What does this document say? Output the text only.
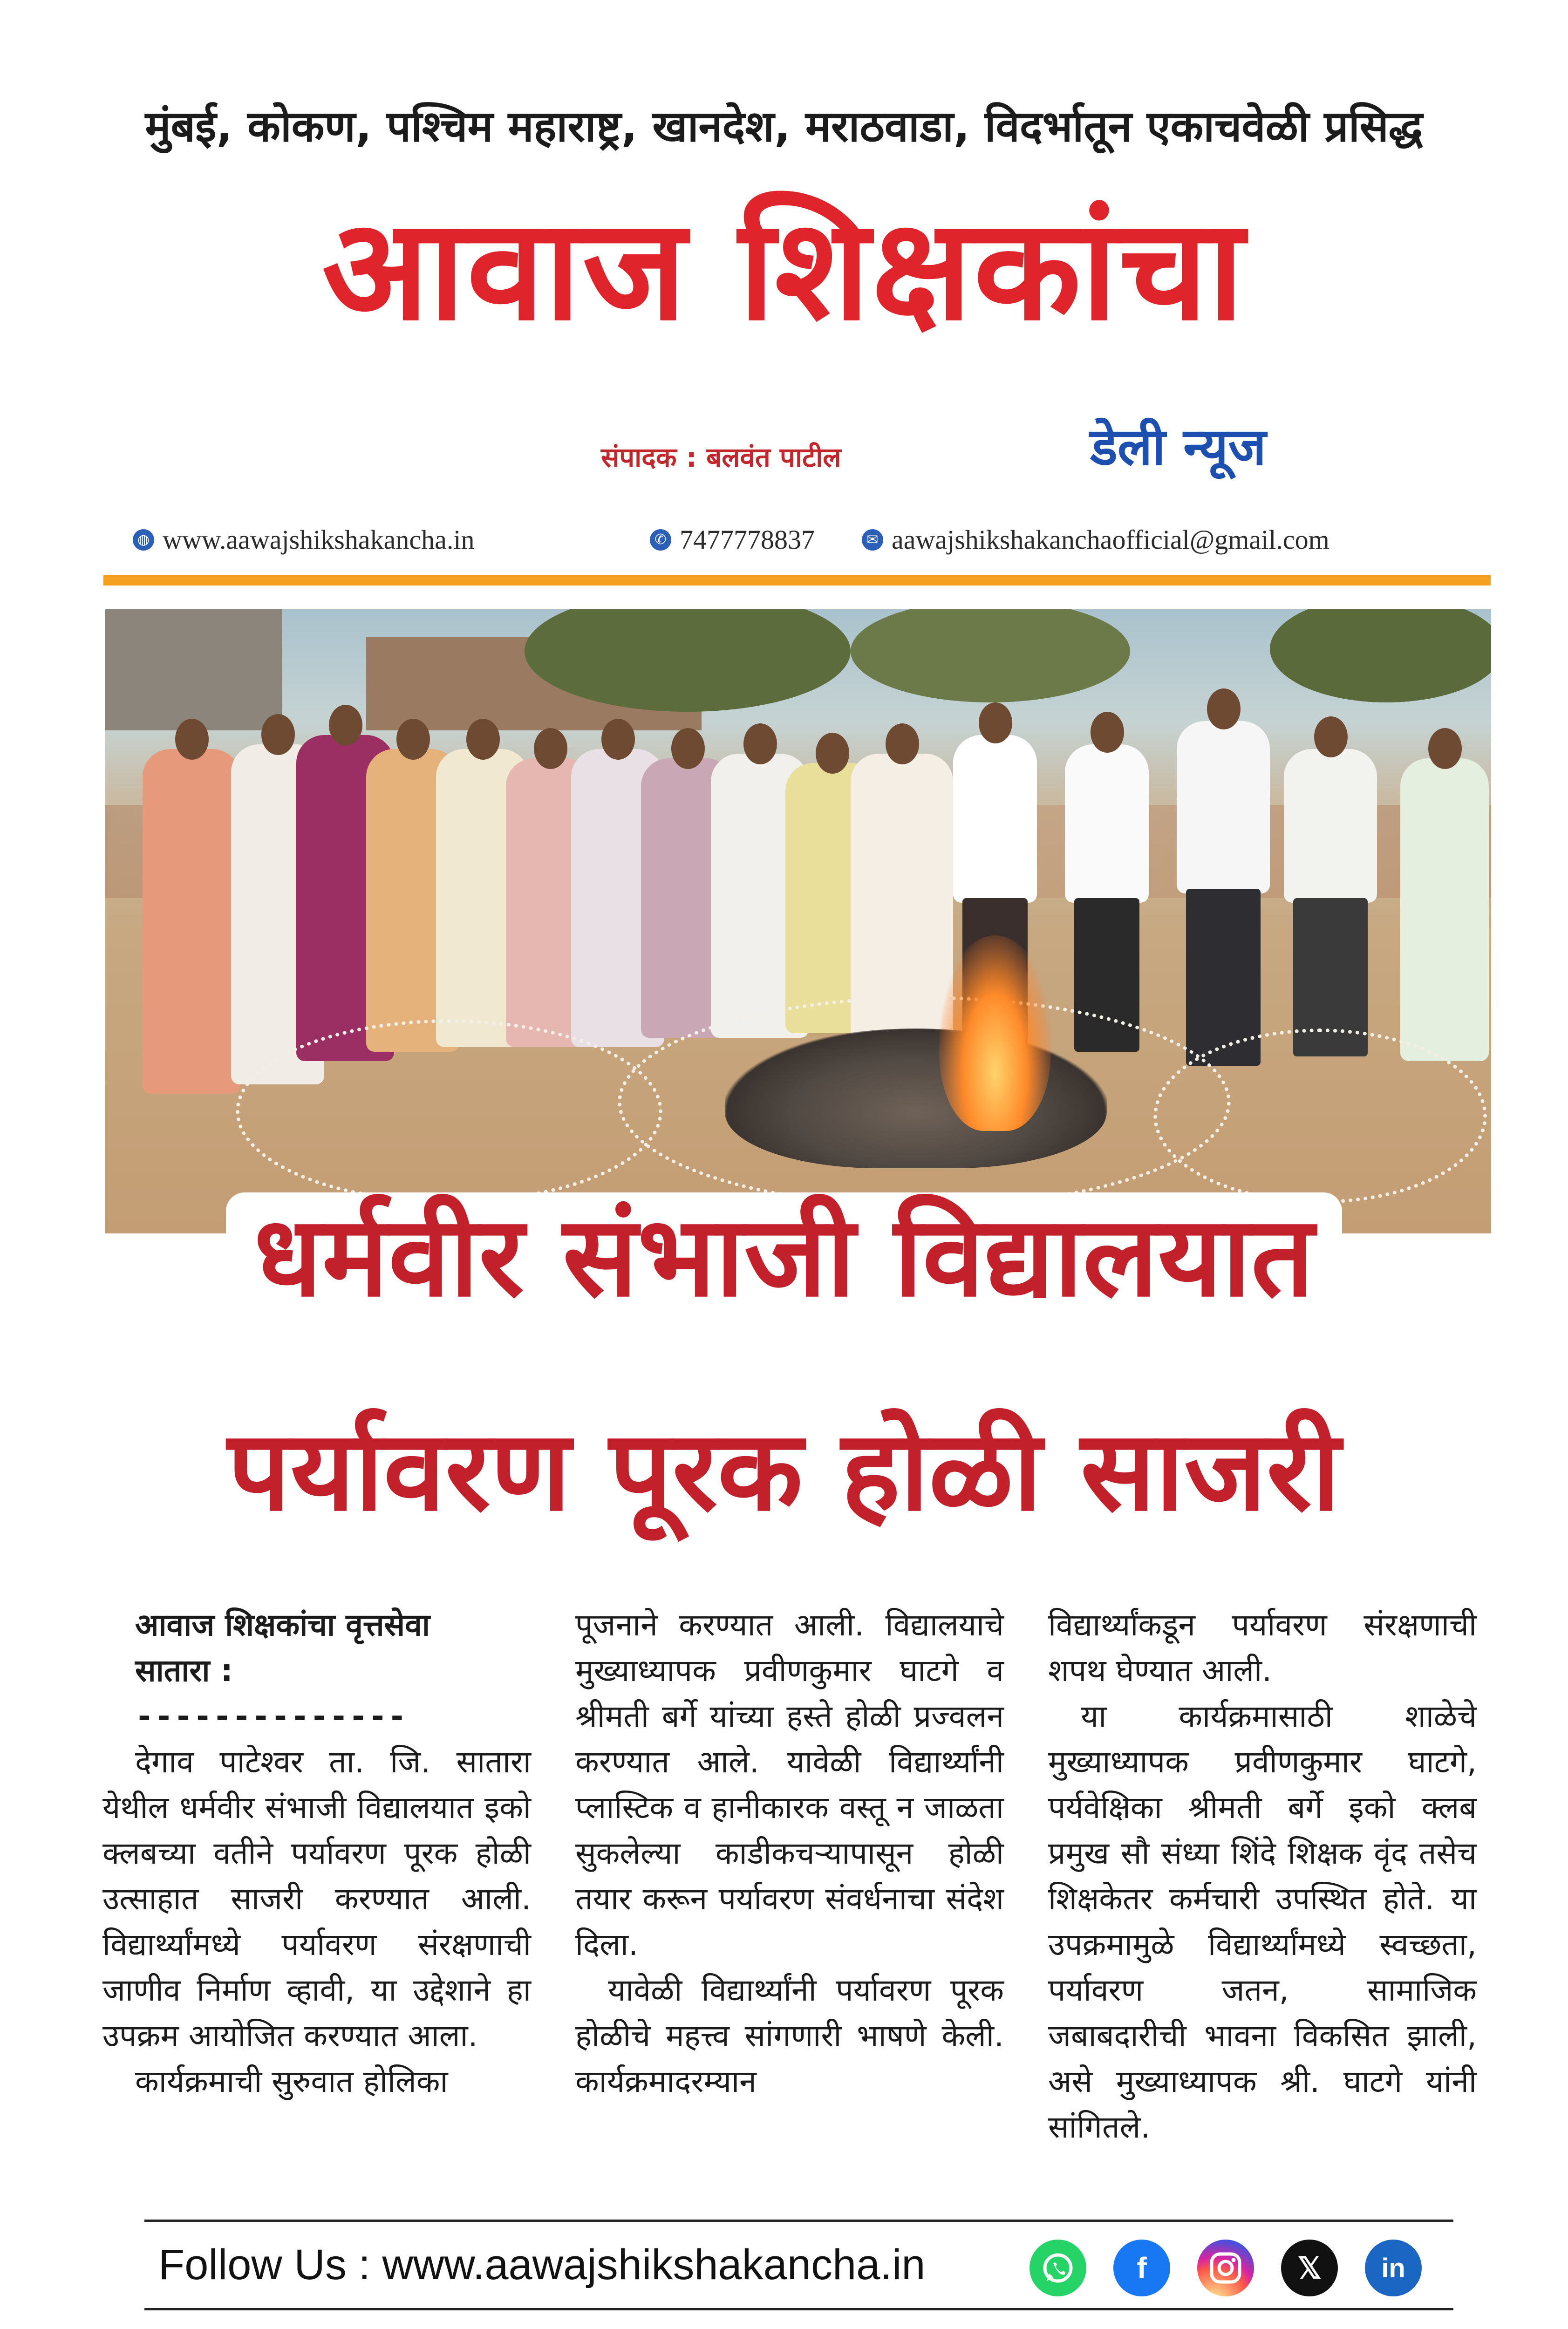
मुंबई, कोकण, पश्चिम महाराष्ट्र, खानदेश, मराठवाडा, विदर्भातून एकाचवेळी प्रसिद्ध
आवाज शिक्षकांचा
संपादक : बलवंत पाटील	डेली न्यूज
◍ www.aawajshikshakancha.in	✆ 7477778837	✉ aawajshikshakanchaofficial@gmail.com
धर्मवीर संभाजी विद्यालयात
पर्यावरण पूरक होळी साजरी

आवाज शिक्षकांचा वृत्तसेवा

सातारा :

--------------

देगाव पाटेश्वर ता. जि. सातारा येथील धर्मवीर संभाजी विद्यालयात इको क्लबच्या वतीने पर्यावरण पूरक होळी उत्साहात साजरी करण्यात आली. विद्यार्थ्यांमध्ये पर्यावरण संरक्षणाची जाणीव निर्माण व्हावी, या उद्देशाने हा उपक्रम आयोजित करण्यात आला.

कार्यक्रमाची सुरुवात होलिका

पूजनाने करण्यात आली. विद्यालयाचे मुख्याध्यापक प्रवीणकुमार घाटगे व श्रीमती बर्गे यांच्या हस्ते होळी प्रज्वलन करण्यात आले. यावेळी विद्यार्थ्यांनी प्लास्टिक व हानीकारक वस्तू न जाळता सुकलेल्या काडीकचऱ्यापासून होळी तयार करून पर्यावरण संवर्धनाचा संदेश दिला.

यावेळी विद्यार्थ्यांनी पर्यावरण पूरक होळीचे महत्त्व सांगणारी भाषणे केली. कार्यक्रमादरम्यान

विद्यार्थ्यांकडून पर्यावरण संरक्षणाची शपथ घेण्यात आली.

या कार्यक्रमासाठी शाळेचे मुख्याध्यापक प्रवीणकुमार घाटगे, पर्यवेक्षिका श्रीमती बर्गे इको क्लब प्रमुख सौ संध्या शिंदे शिक्षक वृंद तसेच शिक्षकेतर कर्मचारी उपस्थित होते. या उपक्रमामुळे विद्यार्थ्यांमध्ये स्वच्छता, पर्यावरण जतन, सामाजिक जबाबदारीची भावना विकसित झाली, असे मुख्याध्यापक श्री. घाटगे यांनी सांगितले.

Follow Us : www.aawajshikshakancha.in	f	𝕏 in
